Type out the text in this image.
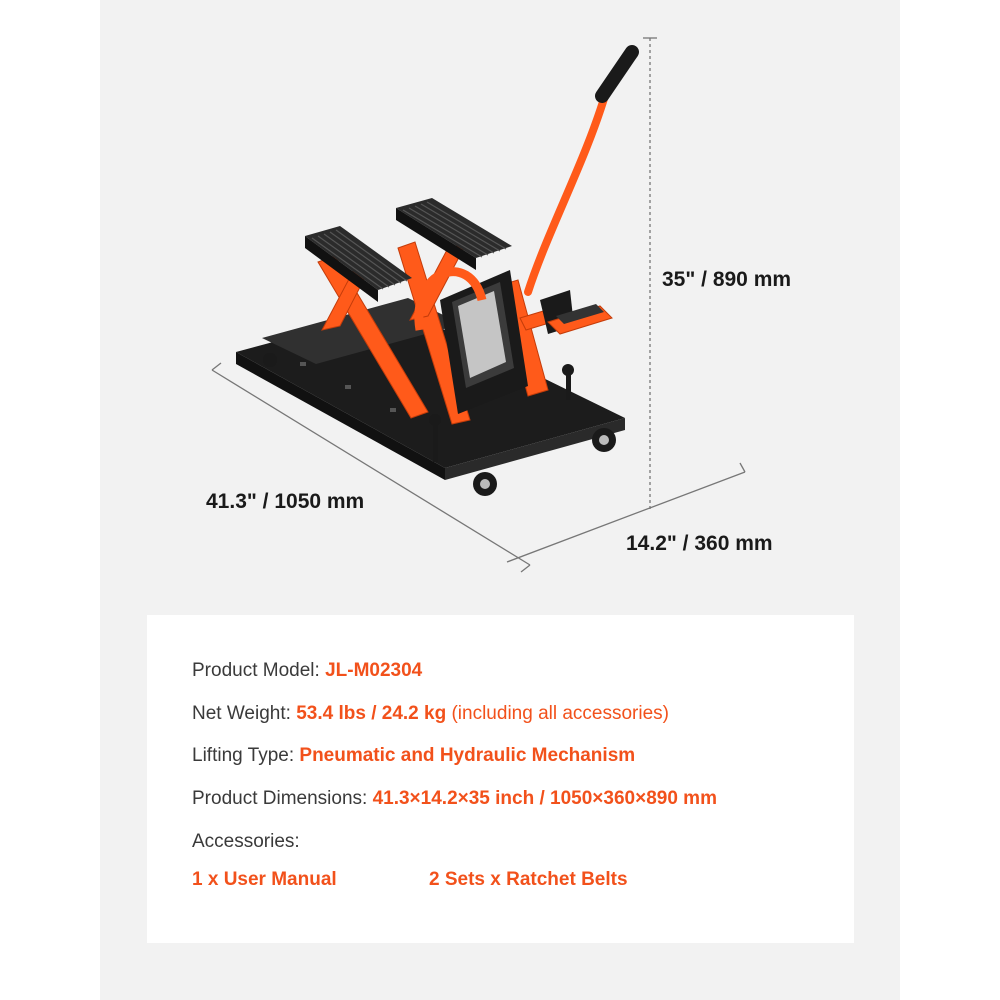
35" / 890 mm
41.3" / 1050 mm
14.2" / 360 mm
Product Model: JL-M02304
Net Weight: 53.4 lbs / 24.2 kg (including all accessories)
Lifting Type: Pneumatic and Hydraulic Mechanism
Product Dimensions: 41.3×14.2×35 inch / 1050×360×890 mm
Accessories:
1 x User Manual	2 Sets x Ratchet Belts
